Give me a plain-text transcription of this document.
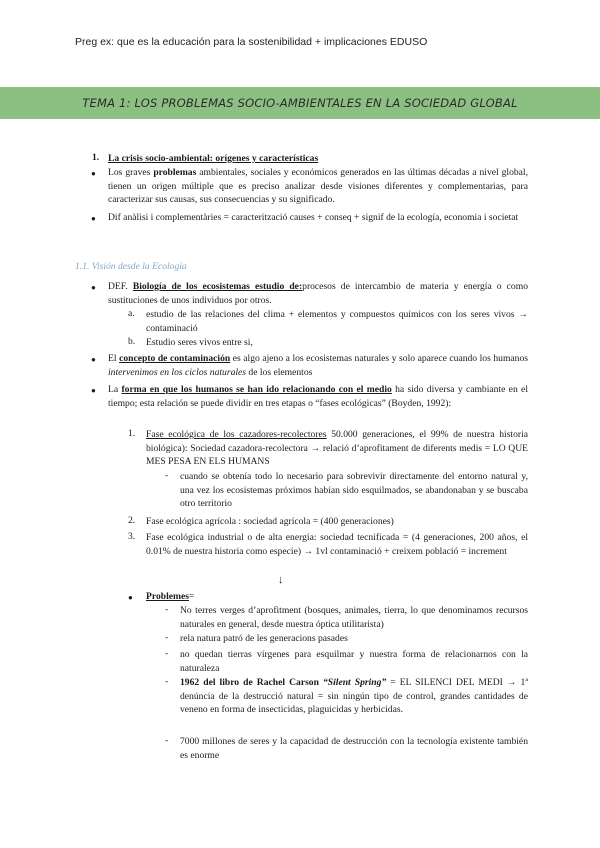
Preg ex: que es la educación para la sostenibilidad + implicaciones EDUSO
TEMA 1: LOS PROBLEMAS SOCIO-AMBIENTALES EN LA SOCIEDAD GLOBAL
1. La crisis socio-ambiental: orígenes y características
● Los graves problemas ambientales, sociales y económicos generados en las últimas décadas a nivel global, tienen un origen múltiple que es preciso analizar desde visiones diferentes y complementarias, para caracterizar sus causas, sus consecuencias y su significado.
● Dif anàlisi i complementàries = caracterització causes + conseq + signif de la ecología, economia i societat
1.1. Visión desde la Ecología
● DEF. Biología de los ecosistemas estudio de:procesos de intercambio de materia y energía o como sustituciones de unos individuos por otros.
a. estudio de las relaciones del clima + elementos y compuestos químicos con los seres vivos → contaminació
b. Estudio seres vivos entre si,
● El concepto de contaminación es algo ajeno a los ecosistemas naturales y solo aparece cuando los humanos intervenimos en los ciclos naturales de los elementos
● La forma en que los humanos se han ido relacionando con el medio ha sido diversa y cambiante en el tiempo; esta relación se puede dividir en tres etapas o “fases ecológicas” (Boyden, 1992):
1. Fase ecológica de los cazadores-recolectores 50.000 generaciones, el 99% de nuestra historia biológica): Sociedad cazadora-recolectora → relació d’aprofitament de diferents medis = LO QUE MES PESA EN ELS HUMANS
- cuando se obtenía todo lo necesario para sobrevivir directamente del entorno natural y, una vez los ecosistemas próximos habían sido esquilmados, se abandonaban y se buscaba otro territorio
2. Fase ecológica agrícola : sociedad agrícola = (400 generaciones)
3. Fase ecológica industrial o de alta energía: sociedad tecnificada = (4 generaciones, 200 años, el 0.01% de nuestra historia como especie) → 1vl contaminació + creixem població = increment
↓
● Problemes=
- No terres verges d’aprofitment (bosques, animales, tierra, lo que denominamos recursos naturales en general, desde nuestra óptica utilitarista)
- rela natura patró de les generacions pasades
- no quedan tierras vírgenes para esquilmar y nuestra forma de relacionarnos con la naturaleza
- 1962 del libro de Rachel Carson “Silent Spring” = EL SILENCI DEL MEDI → 1ª denúncia de la destrucció natural = sin ningún tipo de control, grandes cantidades de veneno en forma de insecticidas, plaguicidas y herbicidas.
- 7000 millones de seres y la capacidad de destrucción con la tecnología existente también es enorme
